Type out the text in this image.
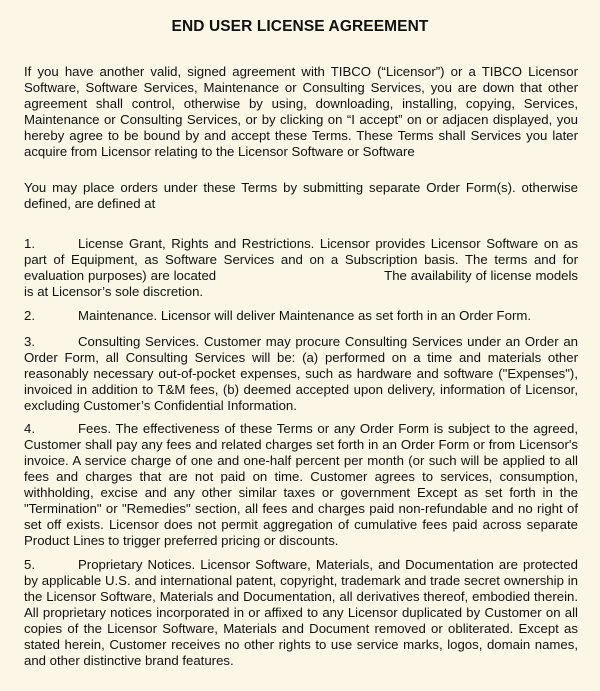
END USER LICENSE AGREEMENT
If you have another valid, signed agreement with TIBCO (“Licensor”) or a TIBCO Licensor Software, Software Services, Maintenance or Consulting Services, you are down that other agreement shall control, otherwise by using, downloading, installing, copying, Services, Maintenance or Consulting Services, or by clicking on “I accept” on or adjacen displayed, you hereby agree to be bound by and accept these Terms. These Terms shall Services you later acquire from Licensor relating to the Licensor Software or Software
You may place orders under these Terms by submitting separate Order Form(s). otherwise defined, are defined at
1.	License Grant, Rights and Restrictions. Licensor provides Licensor Software on as part of Equipment, as Software Services and on a Subscription basis. The terms and for evaluation purposes) are located	The availability of license models is at Licensor’s sole discretion.
2.	Maintenance. Licensor will deliver Maintenance as set forth in an Order Form.
3.	Consulting Services. Customer may procure Consulting Services under an Order an Order Form, all Consulting Services will be: (a) performed on a time and materials other reasonably necessary out-of-pocket expenses, such as hardware and software ("Expenses"), invoiced in addition to T&M fees, (b) deemed accepted upon delivery, information of Licensor, excluding Customer’s Confidential Information.
4.	Fees. The effectiveness of these Terms or any Order Form is subject to the agreed, Customer shall pay any fees and related charges set forth in an Order Form or from Licensor's invoice. A service charge of one and one-half percent per month (or such will be applied to all fees and charges that are not paid on time. Customer agrees to services, consumption, withholding, excise and any other similar taxes or government Except as set forth in the "Termination" or "Remedies" section, all fees and charges paid non-refundable and no right of set off exists. Licensor does not permit aggregation of cumulative fees paid across separate Product Lines to trigger preferred pricing or discounts.
5.	Proprietary Notices. Licensor Software, Materials, and Documentation are protected by applicable U.S. and international patent, copyright, trademark and trade secret ownership in the Licensor Software, Materials and Documentation, all derivatives thereof, embodied therein. All proprietary notices incorporated in or affixed to any Licensor duplicated by Customer on all copies of the Licensor Software, Materials and Document removed or obliterated. Except as stated herein, Customer receives no other rights to use service marks, logos, domain names, and other distinctive brand features.
